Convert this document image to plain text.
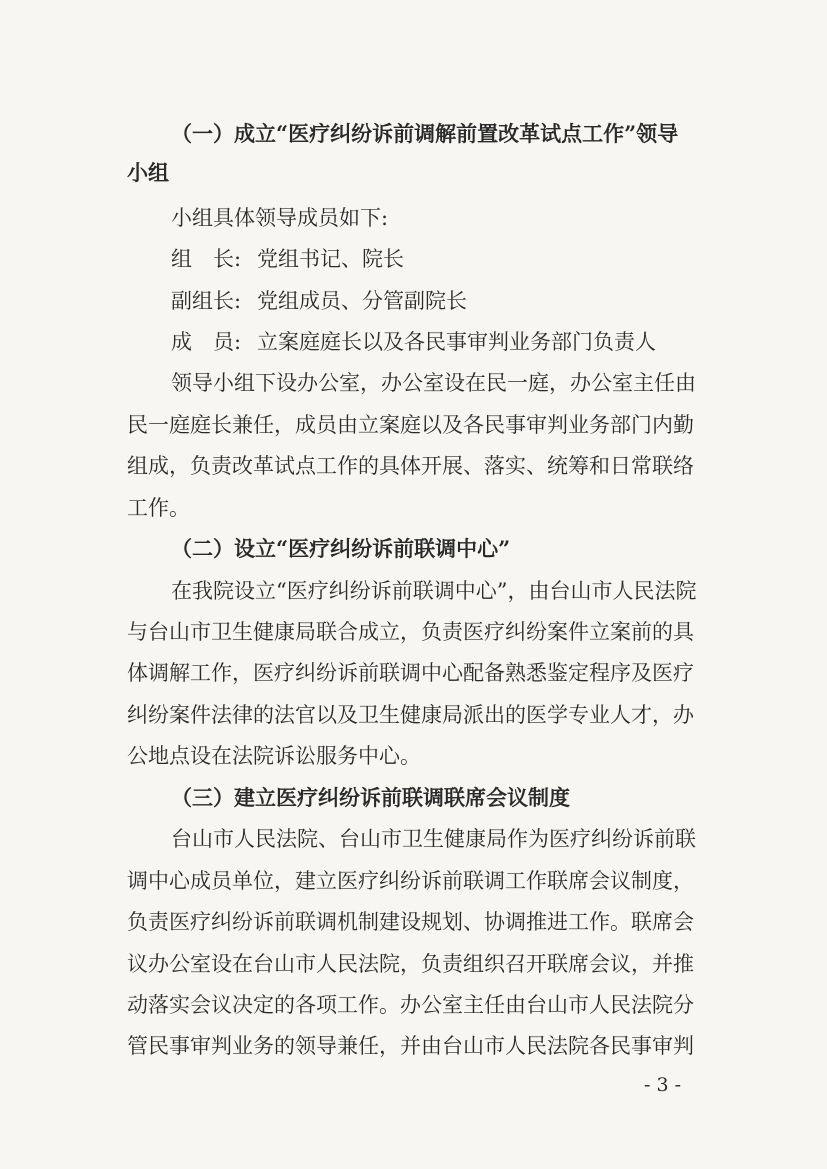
（一）成立“医疗纠纷诉前调解前置改革试点工作”领导
小组
小组具体领导成员如下:
组　长: 党组书记、院长
副组长: 党组成员、分管副院长
成　员: 立案庭庭长以及各民事审判业务部门负责人
领导小组下设办公室，办公室设在民一庭，办公室主任由
民一庭庭长兼任，成员由立案庭以及各民事审判业务部门内勤
组成，负责改革试点工作的具体开展、落实、统筹和日常联络
工作。
（二）设立“医疗纠纷诉前联调中心”
在我院设立“医疗纠纷诉前联调中心”，由台山市人民法院
与台山市卫生健康局联合成立，负责医疗纠纷案件立案前的具
体调解工作，医疗纠纷诉前联调中心配备熟悉鉴定程序及医疗
纠纷案件法律的法官以及卫生健康局派出的医学专业人才，办
公地点设在法院诉讼服务中心。
（三）建立医疗纠纷诉前联调联席会议制度
台山市人民法院、台山市卫生健康局作为医疗纠纷诉前联
调中心成员单位，建立医疗纠纷诉前联调工作联席会议制度，
负责医疗纠纷诉前联调机制建设规划、协调推进工作。联席会
议办公室设在台山市人民法院，负责组织召开联席会议，并推
动落实会议决定的各项工作。办公室主任由台山市人民法院分
管民事审判业务的领导兼任，并由台山市人民法院各民事审判
- 3 -
